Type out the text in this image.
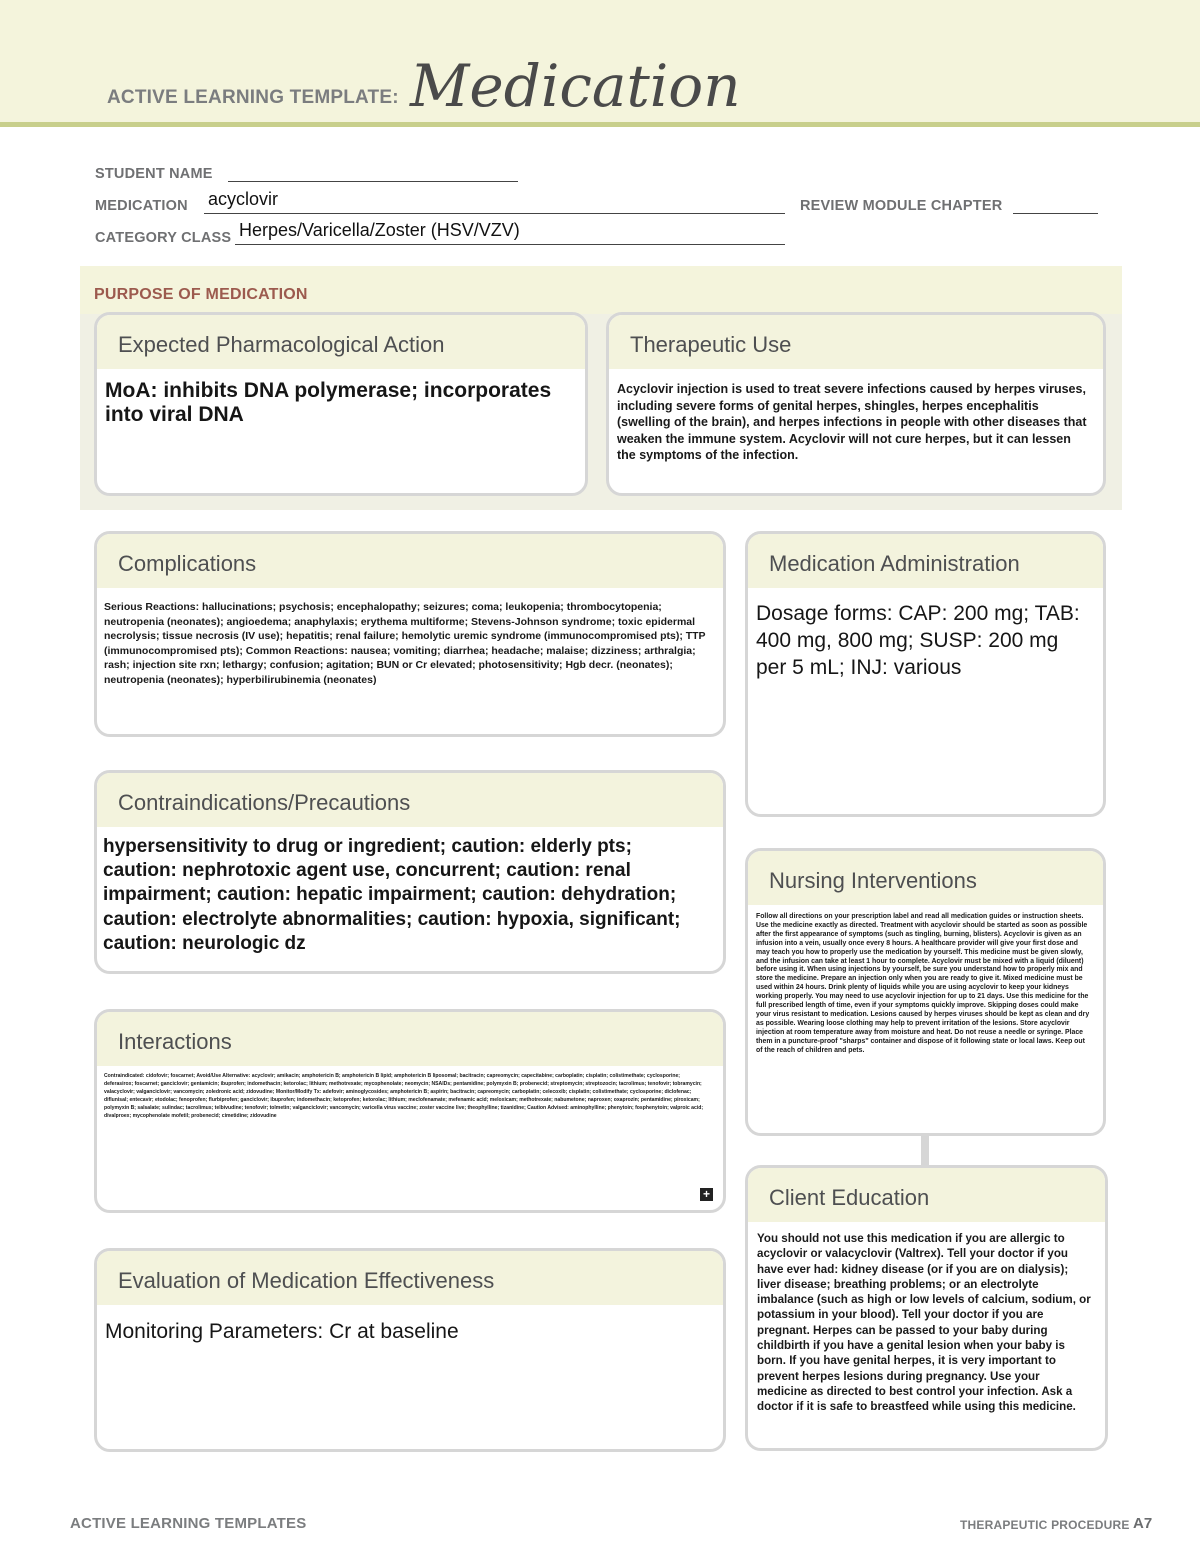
ACTIVE LEARNING TEMPLATE: Medication
STUDENT NAME
MEDICATION acyclovir	REVIEW MODULE CHAPTER
CATEGORY CLASS Herpes/Varicella/Zoster (HSV/VZV)
PURPOSE OF MEDICATION
Expected Pharmacological Action
MoA: inhibits DNA polymerase; incorporates into viral DNA
Therapeutic Use
Acyclovir injection is used to treat severe infections caused by herpes viruses, including severe forms of genital herpes, shingles, herpes encephalitis (swelling of the brain), and herpes infections in people with other diseases that weaken the immune system. Acyclovir will not cure herpes, but it can lessen the symptoms of the infection.
Complications
Serious Reactions: hallucinations; psychosis; encephalopathy; seizures; coma; leukopenia; thrombocytopenia; neutropenia (neonates); angioedema; anaphylaxis; erythema multiforme; Stevens-Johnson syndrome; toxic epidermal necrolysis; tissue necrosis (IV use); hepatitis; renal failure; hemolytic uremic syndrome (immunocompromised pts); TTP (immunocompromised pts); Common Reactions: nausea; vomiting; diarrhea; headache; malaise; dizziness; arthralgia; rash; injection site rxn; lethargy; confusion; agitation; BUN or Cr elevated; photosensitivity; Hgb decr. (neonates); neutropenia (neonates); hyperbilirubinemia (neonates)
Medication Administration
Dosage forms: CAP: 200 mg; TAB: 400 mg, 800 mg; SUSP: 200 mg per 5 mL; INJ: various
Contraindications/Precautions
hypersensitivity to drug or ingredient; caution: elderly pts; caution: nephrotoxic agent use, concurrent; caution: renal impairment; caution: hepatic impairment; caution: dehydration; caution: electrolyte abnormalities; caution: hypoxia, significant; caution: neurologic dz
Nursing Interventions
Follow all directions on your prescription label and read all medication guides or instruction sheets. Use the medicine exactly as directed. Treatment with acyclovir should be started as soon as possible after the first appearance of symptoms (such as tingling, burning, blisters). Acyclovir is given as an infusion into a vein, usually once every 8 hours. A healthcare provider will give your first dose and may teach you how to properly use the medication by yourself. This medicine must be given slowly, and the infusion can take at least 1 hour to complete. Acyclovir must be mixed with a liquid (diluent) before using it. When using injections by yourself, be sure you understand how to properly mix and store the medicine. Prepare an injection only when you are ready to give it. Mixed medicine must be used within 24 hours. Drink plenty of liquids while you are using acyclovir to keep your kidneys working properly. You may need to use acyclovir injection for up to 21 days. Use this medicine for the full prescribed length of time, even if your symptoms quickly improve. Skipping doses could make your virus resistant to medication. Lesions caused by herpes viruses should be kept as clean and dry as possible. Wearing loose clothing may help to prevent irritation of the lesions. Store acyclovir injection at room temperature away from moisture and heat. Do not reuse a needle or syringe. Place them in a puncture-proof "sharps" container and dispose of it following state or local laws. Keep out of the reach of children and pets.
Interactions
Contraindicated: cidofovir; foscarnet; Avoid/Use Alternative: acyclovir; amikacin; amphotericin B; amphotericin B lipid; amphotericin B liposomal; bacitracin; capreomycin; capecitabine; carboplatin; cisplatin; colistimethate; cyclosporine; deferasirox; foscarnet; ganciclovir; gentamicin; ibuprofen; indomethacin; ketorolac; lithium; methotrexate; mycophenolate; neomycin; NSAIDs; pentamidine; polymyxin B; probenecid; streptomycin; streptozocin; tacrolimus; tenofovir; tobramycin; valacyclovir; valganciclovir; vancomycin; zoledronic acid; zidovudine; Monitor/Modify Tx: adefovir; aminoglycosides; amphotericin B; aspirin; bacitracin; capreomycin; carboplatin; celecoxib; cisplatin; colistimethate; cyclosporine; diclofenac; diflunisal; entecavir; etodolac; fenoprofen; flurbiprofen; ganciclovir; ibuprofen; indomethacin; ketoprofen; ketorolac; lithium; meclofenamate; mefenamic acid; meloxicam; methotrexate; nabumetone; naproxen; oxaprozin; pentamidine; piroxicam; polymyxin B; salsalate; sulindac; tacrolimus; telbivudine; tenofovir; tolmetin; valganciclovir; vancomycin; varicella virus vaccine; zoster vaccine live; theophylline; tizanidine; Caution Advised: aminophylline; phenytoin; fosphenytoin; valproic acid; divalproex; mycophenolate mofetil; probenecid; cimetidine; zidovudine
+	Client Education
You should not use this medication if you are allergic to acyclovir or valacyclovir (Valtrex). Tell your doctor if you have ever had: kidney disease (or if you are on dialysis); liver disease; breathing problems; or an electrolyte imbalance (such as high or low levels of calcium, sodium, or potassium in your blood). Tell your doctor if you are pregnant. Herpes can be passed to your baby during childbirth if you have a genital lesion when your baby is born. If you have genital herpes, it is very important to prevent herpes lesions during pregnancy. Use your medicine as directed to best control your infection. Ask a doctor if it is safe to breastfeed while using this medicine.
Evaluation of Medication Effectiveness
Monitoring Parameters: Cr at baseline
ACTIVE LEARNING TEMPLATES	THERAPEUTIC PROCEDURE A7
